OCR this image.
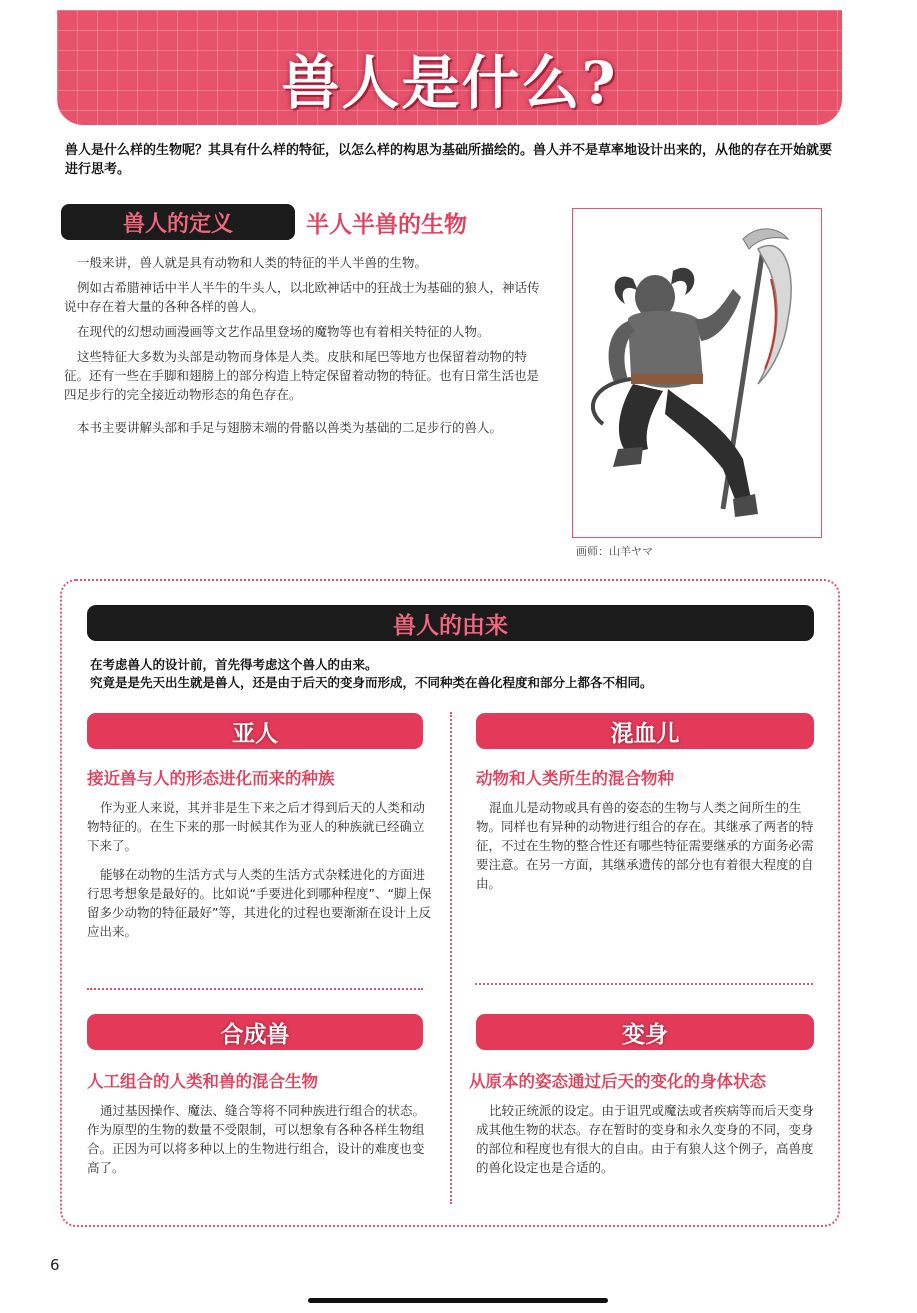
兽人是什么?
兽人是什么样的生物呢？其具有什么样的特征，以怎么样的构思为基础所描绘的。兽人并不是草率地设计出来的，从他的存在开始就要进行思考。
兽人的定义	半人半兽的生物

一般来讲，兽人就是具有动物和人类的特征的半人半兽的生物。

例如古希腊神话中半人半牛的牛头人，以北欧神话中的狂战士为基础的狼人，神话传说中存在着大量的各种各样的兽人。

在现代的幻想动画漫画等文艺作品里登场的魔物等也有着相关特征的人物。

这些特征大多数为头部是动物而身体是人类。皮肤和尾巴等地方也保留着动物的特征。还有一些在手脚和翅膀上的部分构造上特定保留着动物的特征。也有日常生活也是四足步行的完全接近动物形态的角色存在。

本书主要讲解头部和手足与翅膀末端的骨骼以兽类为基础的二足步行的兽人。

画师：山羊ヤマ
兽人的由来
在考虑兽人的设计前，首先得考虑这个兽人的由来。
究竟是是先天出生就是兽人，还是由于后天的变身而形成，不同种类在兽化程度和部分上都各不相同。
亚人
接近兽与人的形态进化而来的种族

作为亚人来说，其并非是生下来之后才得到后天的人类和动物特征的。在生下来的那一时候其作为亚人的种族就已经确立下来了。

能够在动物的生活方式与人类的生活方式杂糅进化的方面进行思考想象是最好的。比如说“手要进化到哪种程度”、“脚上保留多少动物的特征最好”等，其进化的过程也要渐渐在设计上反应出来。

混血儿
动物和人类所生的混合物种

混血儿是动物或具有兽的姿态的生物与人类之间所生的生物。同样也有异种的动物进行组合的存在。其继承了两者的特征，不过在生物的整合性还有哪些特征需要继承的方面务必需要注意。在另一方面，其继承遗传的部分也有着很大程度的自由。

合成兽
人工组合的人类和兽的混合生物

通过基因操作、魔法、缝合等将不同种族进行组合的状态。作为原型的生物的数量不受限制，可以想象有各种各样生物组合。正因为可以将多种以上的生物进行组合，设计的难度也变高了。

变身
从原本的姿态通过后天的变化的身体状态

比较正统派的设定。由于诅咒或魔法或者疾病等而后天变身成其他生物的状态。存在暂时的变身和永久变身的不同，变身的部位和程度也有很大的自由。由于有狼人这个例子，高兽度的兽化设定也是合适的。

6
